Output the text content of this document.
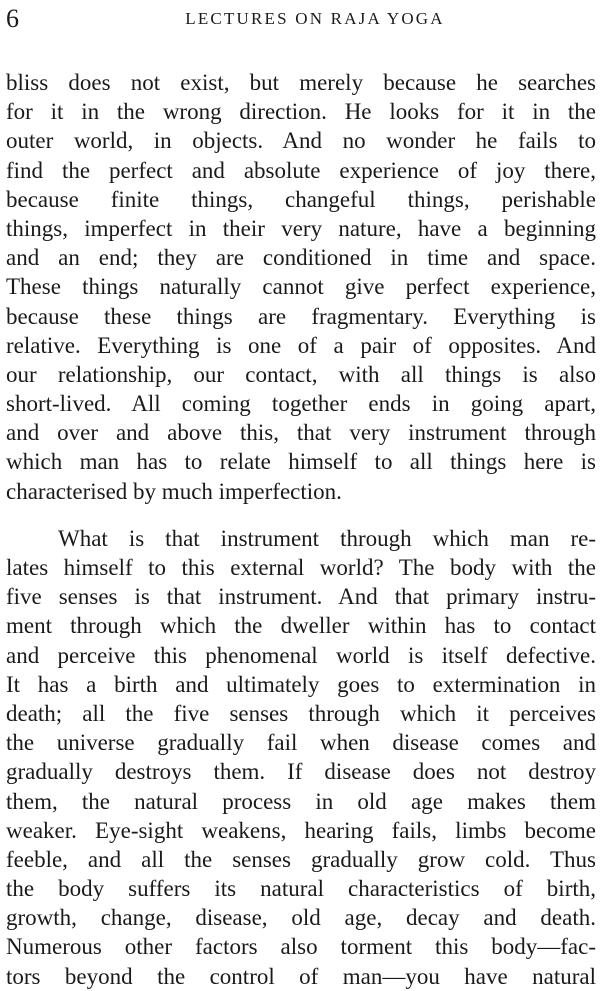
6	LECTURES ON RAJA YOGA
bliss does not exist, but merely because he searches
for it in the wrong direction. He looks for it in the
outer world, in objects. And no wonder he fails to
find the perfect and absolute experience of joy there,
because finite things, changeful things, perishable
things, imperfect in their very nature, have a beginning
and an end; they are conditioned in time and space.
These things naturally cannot give perfect experience,
because these things are fragmentary. Everything is
relative. Everything is one of a pair of opposites. And
our relationship, our contact, with all things is also
short-lived. All coming together ends in going apart,
and over and above this, that very instrument through
which man has to relate himself to all things here is
characterised by much imperfection.
What is that instrument through which man re-
lates himself to this external world? The body with the
five senses is that instrument. And that primary instru-
ment through which the dweller within has to contact
and perceive this phenomenal world is itself defective.
It has a birth and ultimately goes to extermination in
death; all the five senses through which it perceives
the universe gradually fail when disease comes and
gradually destroys them. If disease does not destroy
them, the natural process in old age makes them
weaker. Eye-sight weakens, hearing fails, limbs become
feeble, and all the senses gradually grow cold. Thus
the body suffers its natural characteristics of birth,
growth, change, disease, old age, decay and death.
Numerous other factors also torment this body—fac-
tors beyond the control of man—you have natural
